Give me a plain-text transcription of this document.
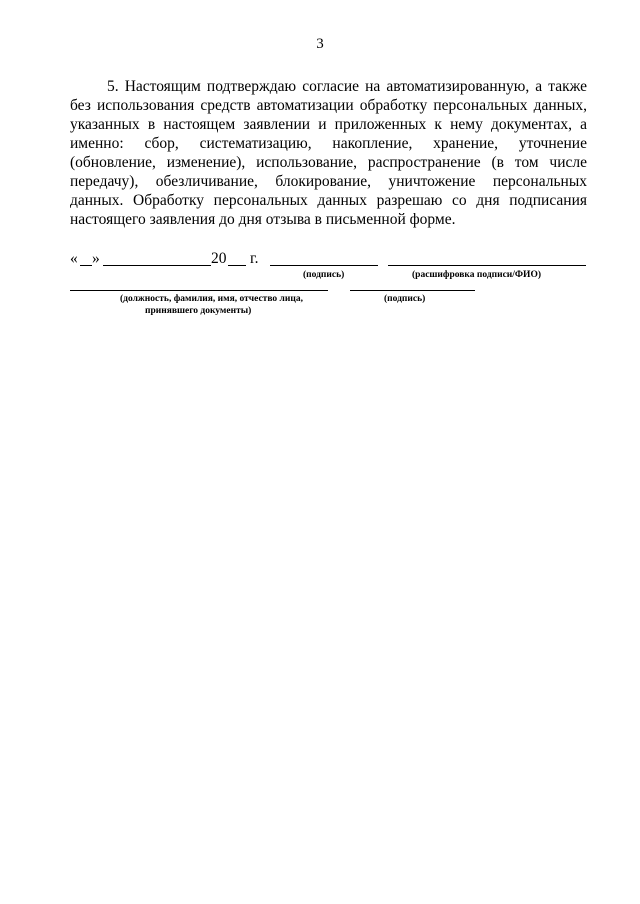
3

5. Настоящим подтверждаю согласие на автоматизированную, а также без использования средств автоматизации обработку персональных данных, указанных в настоящем заявлении и приложенных к нему документах, а именно: сбор, систематизацию, накопление, хранение, уточнение (обновление, изменение), использование, распространение (в том числе передачу), обезличивание, блокирование, уничтожение персональных данных. Обработку персональных данных разрешаю со дня подписания настоящего заявления до дня отзыва в письменной форме.

« »	20 г.
(подпись)	(расшифровка подписи/ФИО)
(должность, фамилия, имя, отчество лица,
принявшего документы)
(подпись)
